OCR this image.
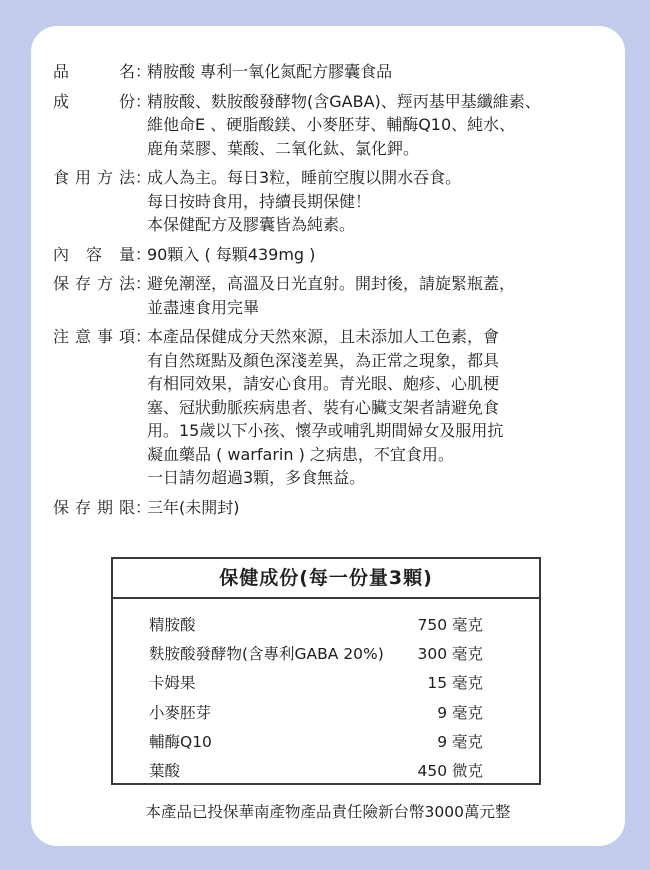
品	名 ：
精胺酸 專利一氧化氮配方膠囊食品
成	份 ：
精胺酸、麩胺酸發酵物(含GABA)、羥丙基甲基纖維素、
維他命E 、硬脂酸鎂、小麥胚芽、輔酶Q10、純水、
鹿角菜膠、葉酸、二氧化鈦、氯化鉀。
食 用 方 法 ：
成人為主。每日3粒，睡前空腹以開水吞食。
每日按時食用，持續長期保健！
本保健配方及膠囊皆為純素。
內 容 量 ：
90顆入 ( 每顆439mg )
保 存 方 法 ：
避免潮溼，高溫及日光直射。開封後，請旋緊瓶蓋，
並盡速食用完畢
注 意 事 項 ：
本產品保健成分天然來源，且未添加人工色素，會
有自然斑點及顏色深淺差異，為正常之現象，都具
有相同效果，請安心食用。青光眼、皰疹、心肌梗
塞、冠狀動脈疾病患者、裝有心臟支架者請避免食
用。15歲以下小孩、懷孕或哺乳期間婦女及服用抗
凝血藥品 ( warfarin ) 之病患，不宜食用。
一日請勿超過3顆，多食無益。
保 存 期 限 ：
三年(未開封)
保健成份(每一份量3顆)
精胺酸	750 毫克
麩胺酸發酵物(含專利GABA 20%)	300 毫克
卡姆果	15 毫克
小麥胚芽	9 毫克
輔酶Q10	9 毫克
葉酸	450 微克
本產品已投保華南產物產品責任險新台幣3000萬元整
